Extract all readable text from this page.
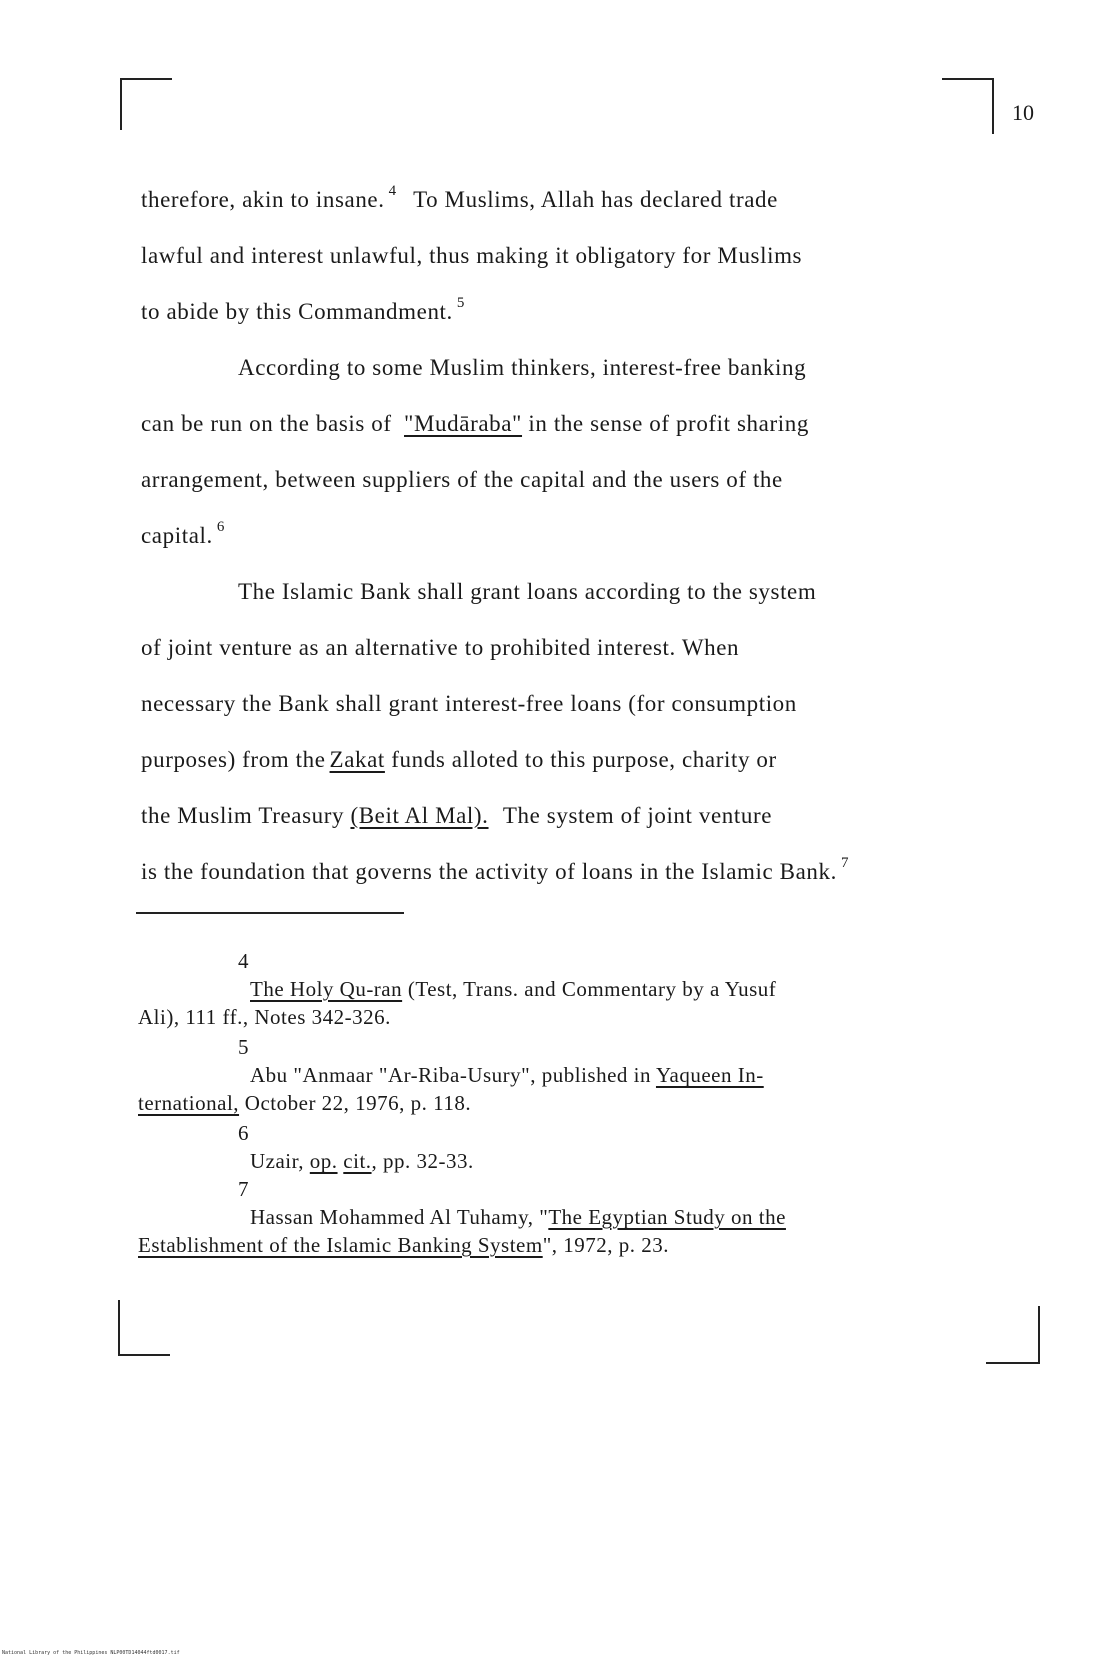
10
therefore, akin to insane. $^4$ To Muslims, Allah has declared trade
lawful and interest unlawful, thus making it obligatory for Muslims
to abide by this Commandment. $^5$
According to some Muslim thinkers, interest-free banking
can be run on the basis of "Mudāraba" in the sense of profit sharing
arrangement, between suppliers of the capital and the users of the
capital. $^6$
The Islamic Bank shall grant loans according to the system
of joint venture as an alternative to prohibited interest. When
necessary the Bank shall grant interest-free loans (for consumption
purposes) from the Zakat funds alloted to this purpose, charity or
the Muslim Treasury (Beit Al Mal). The system of joint venture
is the foundation that governs the activity of loans in the Islamic Bank. $^7$
4
The Holy Qu-ran (Test, Trans. and Commentary by a Yusuf
Ali), 111 ff., Notes 342-326.
5
Abu "Anmaar "Ar-Riba-Usury", published in Yaqueen In-
ternational, October 22, 1976, p. 118.
6
Uzair, op. cit., pp. 32-33.
7
Hassan Mohammed Al Tuhamy, "The Egyptian Study on the
Establishment of the Islamic Banking System", 1972, p. 23.
National Library of the Philippines NLP00TD14044ftd0017.tif
